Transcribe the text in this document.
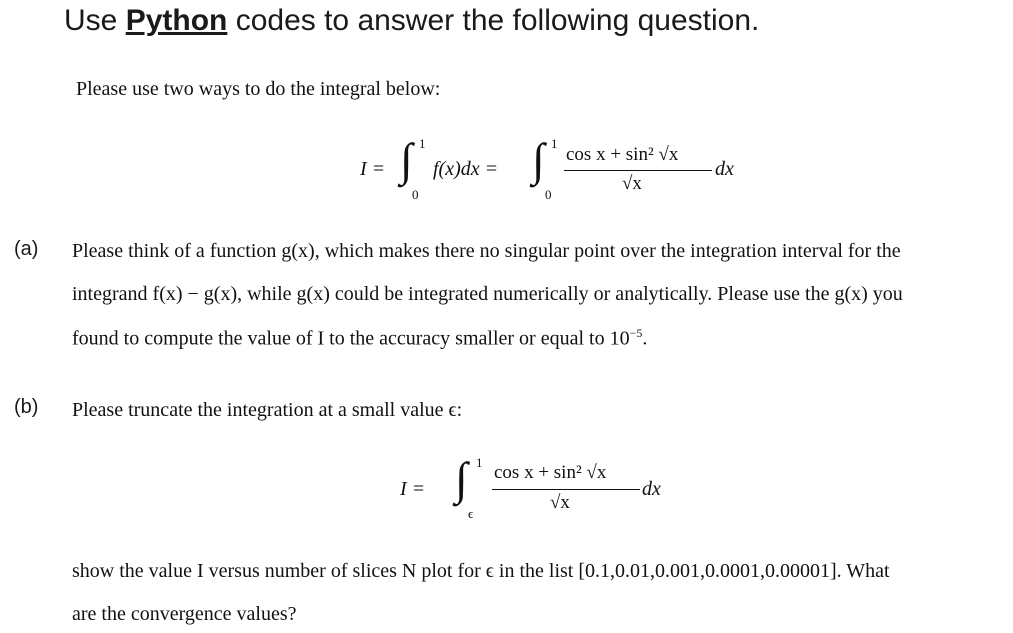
Use Python codes to answer the following question.
Please use two ways to do the integral below:
I = ∫ 1
0
f(x)dx = ∫ 1
0
cos x + sin² √x
√x
dx
(a) Please think of a function g(x), which makes there no singular point over the integration interval for the
integrand f(x) − g(x), while g(x) could be integrated numerically or analytically. Please use the g(x) you
found to compute the value of I to the accuracy smaller or equal to $10^{-5}$.
(b) Please truncate the integration at a small value ϵ:
I = ∫ 1
ϵ
cos x + sin² √x
√x
dx
show the value I versus number of slices N plot for ϵ in the list [0.1,0.01,0.001,0.0001,0.00001]. What
are the convergence values?
